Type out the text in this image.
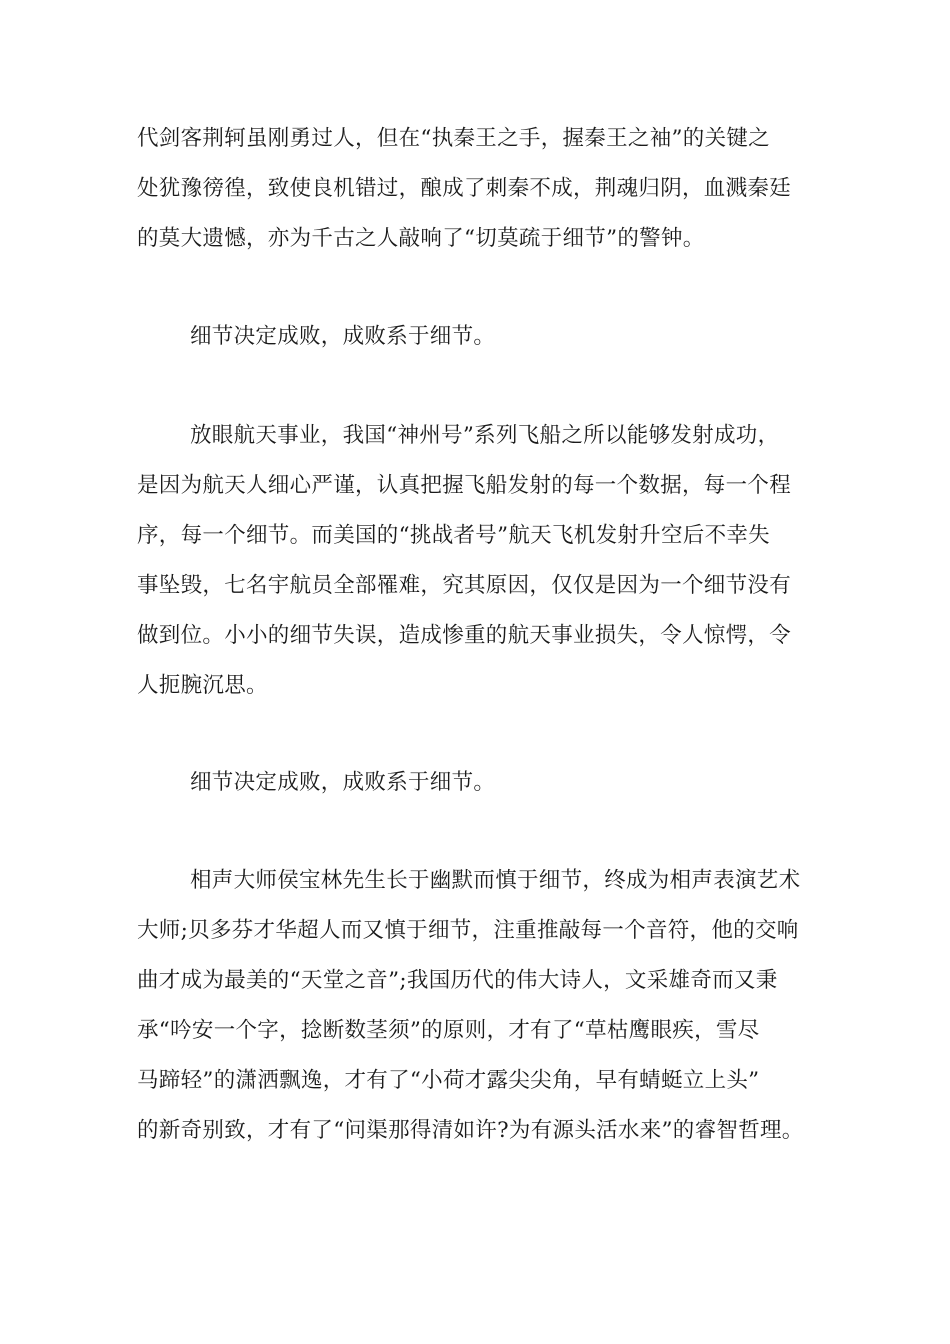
代剑客荆轲虽刚勇过人，但在“执秦王之手，握秦王之袖”的关键之
处犹豫徬徨，致使良机错过，酿成了刺秦不成，荆魂归阴，血溅秦廷
的莫大遗憾，亦为千古之人敲响了“切莫疏于细节”的警钟。
细节决定成败，成败系于细节。
放眼航天事业，我国“神州号”系列飞船之所以能够发射成功，
是因为航天人细心严谨，认真把握飞船发射的每一个数据，每一个程
序，每一个细节。而美国的“挑战者号”航天飞机发射升空后不幸失
事坠毁，七名宇航员全部罹难，究其原因，仅仅是因为一个细节没有
做到位。小小的细节失误，造成惨重的航天事业损失，令人惊愕，令
人扼腕沉思。
细节决定成败，成败系于细节。
相声大师侯宝林先生长于幽默而慎于细节，终成为相声表演艺术
大师;贝多芬才华超人而又慎于细节，注重推敲每一个音符，他的交响
曲才成为最美的“天堂之音”;我国历代的伟大诗人，文采雄奇而又秉
承“吟安一个字，捻断数茎须”的原则，才有了“草枯鹰眼疾，雪尽
马蹄轻”的潇洒飘逸，才有了“小荷才露尖尖角，早有蜻蜓立上头”
的新奇别致，才有了“问渠那得清如许?为有源头活水来”的睿智哲理。
